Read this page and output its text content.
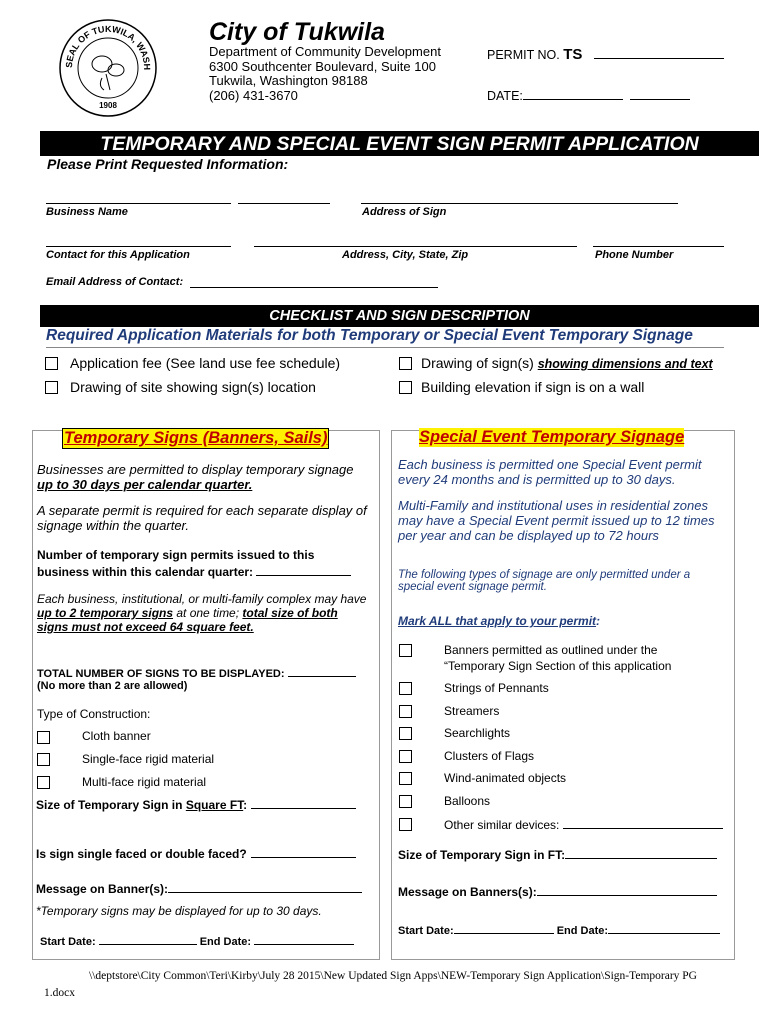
SEAL OF TUKWILA, WASH
1908
City of Tukwila
Department of Community Development
6300 Southcenter Boulevard, Suite 100
Tukwila, Washington 98188
(206) 431-3670
PERMIT NO. TS
DATE:
TEMPORARY AND SPECIAL EVENT SIGN PERMIT APPLICATION
Please Print Requested Information:
Business Name	Address of Sign
Contact for this Application	Address, City, State, Zip	Phone Number
Email Address of Contact:
CHECKLIST AND SIGN DESCRIPTION
Required Application Materials for both Temporary or Special Event Temporary Signage
Application fee (See land use fee schedule)	Drawing of sign(s) showing dimensions and text
Drawing of site showing sign(s) location	Building elevation if sign is on a wall
Temporary Signs (Banners, Sails)
Businesses are permitted to display temporary signage up to 30 days per calendar quarter.
A separate permit is required for each separate display of signage within the quarter.
Number of temporary sign permits issued to this
business within this calendar quarter:
Each business, institutional, or multi-family complex may have up to 2 temporary signs at one time; total size of both signs must not exceed 64 square feet.
TOTAL NUMBER OF SIGNS TO BE DISPLAYED:
(No more than 2 are allowed)
Type of Construction:
Cloth banner
Single-face rigid material
Multi-face rigid material
Size of Temporary Sign in Square FT:
Is sign single faced or double faced?
Message on Banner(s):
*Temporary signs may be displayed for up to 30 days.
Start Date:	End Date:
Special Event Temporary Signage
Each business is permitted one Special Event permit every 24 months and is permitted up to 30 days.
Multi-Family and institutional uses in residential zones may have a Special Event permit issued up to 12 times per year and can be displayed up to 72 hours
The following types of signage are only permitted under a special event signage permit.
Mark ALL that apply to your permit:
Banners permitted as outlined under the
“Temporary Sign Section of this application
Strings of Pennants
Streamers
Searchlights
Clusters of Flags
Wind-animated objects
Balloons
Other similar devices:
Size of Temporary Sign in FT:
Message on Banners(s):
Start Date:	End Date:
\\deptstore\City Common\Teri\Kirby\July 28 2015\New Updated Sign Apps\NEW-Temporary Sign Application\Sign-Temporary PG
1.docx
